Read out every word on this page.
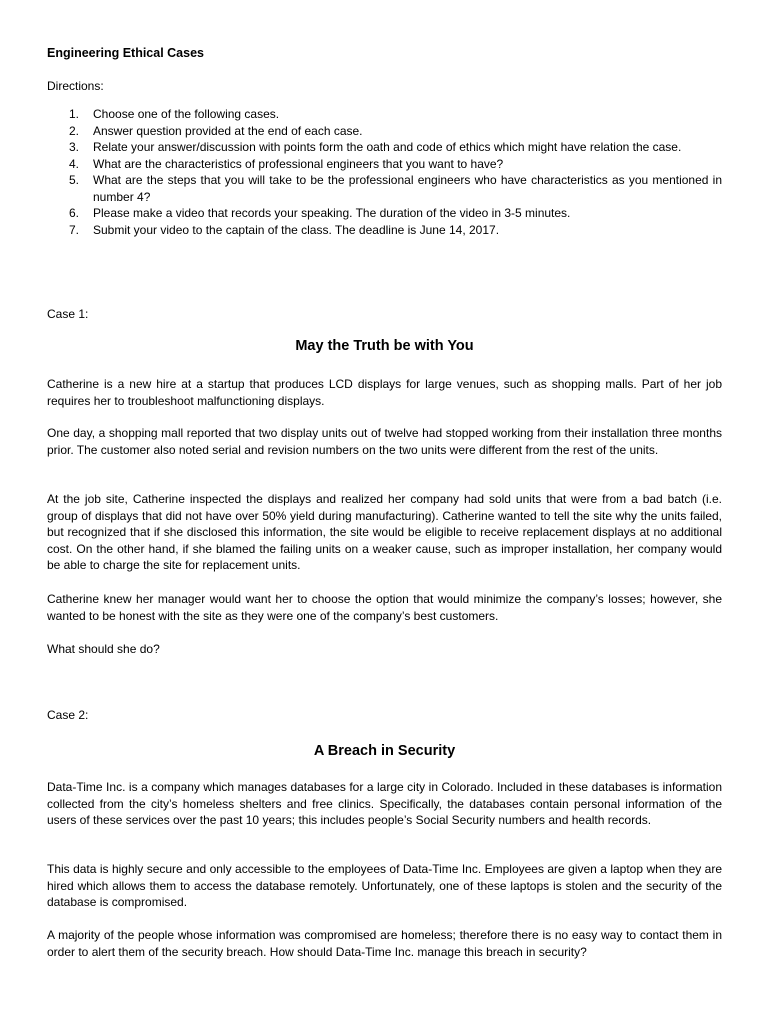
Engineering Ethical Cases
Directions:
1. Choose one of the following cases.
2. Answer question provided at the end of each case.
3. Relate your answer/discussion with points form the oath and code of ethics which might have relation the case.
4. What are the characteristics of professional engineers that you want to have?
5. What are the steps that you will take to be the professional engineers who have characteristics as you mentioned in number 4?
6. Please make a video that records your speaking. The duration of the video in 3-5 minutes.
7. Submit your video to the captain of the class. The deadline is June 14, 2017.
Case 1:
May the Truth be with You
Catherine is a new hire at a startup that produces LCD displays for large venues, such as shopping malls. Part of her job requires her to troubleshoot malfunctioning displays.
One day, a shopping mall reported that two display units out of twelve had stopped working from their installation three months prior. The customer also noted serial and revision numbers on the two units were different from the rest of the units.
At the job site, Catherine inspected the displays and realized her company had sold units that were from a bad batch (i.e. group of displays that did not have over 50% yield during manufacturing). Catherine wanted to tell the site why the units failed, but recognized that if she disclosed this information, the site would be eligible to receive replacement displays at no additional cost. On the other hand, if she blamed the failing units on a weaker cause, such as improper installation, her company would be able to charge the site for replacement units.
Catherine knew her manager would want her to choose the option that would minimize the company’s losses; however, she wanted to be honest with the site as they were one of the company’s best customers.
What should she do?
Case 2:
A Breach in Security
Data-Time Inc. is a company which manages databases for a large city in Colorado. Included in these databases is information collected from the city’s homeless shelters and free clinics. Specifically, the databases contain personal information of the users of these services over the past 10 years; this includes people’s Social Security numbers and health records.
This data is highly secure and only accessible to the employees of Data-Time Inc. Employees are given a laptop when they are hired which allows them to access the database remotely. Unfortunately, one of these laptops is stolen and the security of the database is compromised.
A majority of the people whose information was compromised are homeless; therefore there is no easy way to contact them in order to alert them of the security breach. How should Data-Time Inc. manage this breach in security?
